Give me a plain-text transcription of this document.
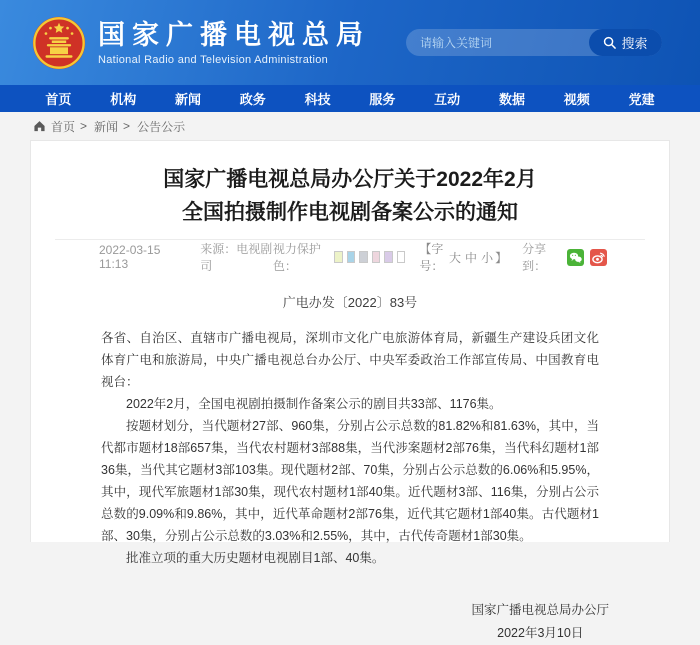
国家广播电视总局
National Radio and Television Administration
请输入关键词
搜索
首页	机构	新闻	政务	科技	服务	互动	数据	视频	党建
首页 > 新闻 > 公告公示
国家广播电视总局办公厅关于2022年2月
全国拍摄制作电视剧备案公示的通知
2022-03-15 11:13
来源：电视剧司
视力保护色：
【字号：
大 中 小 】
分享到：
广电办发〔2022〕83号

各省、自治区、直辖市广播电视局，深圳市文化广电旅游体育局，新疆生产建设兵团文化体育广电和旅游局，中央广播电视总台办公厅、中央军委政治工作部宣传局、中国教育电视台：

2022年2月，全国电视剧拍摄制作备案公示的剧目共33部、1176集。

按题材划分，当代题材27部、960集，分别占公示总数的81.82%和81.63%，其中，当代都市题材18部657集，当代农村题材3部88集，当代涉案题材2部76集，当代科幻题材1部36集，当代其它题材3部103集。现代题材2部、70集，分别占公示总数的6.06%和5.95%，其中，现代军旅题材1部30集，现代农村题材1部40集。近代题材3部、116集，分别占公示总数的9.09%和9.86%，其中，近代革命题材2部76集，近代其它题材1部40集。古代题材1部、30集，分别占公示总数的3.03%和2.55%，其中，古代传奇题材1部30集。

批准立项的重大历史题材电视剧目1部、40集。

国家广播电视总局办公厅
2022年3月10日
